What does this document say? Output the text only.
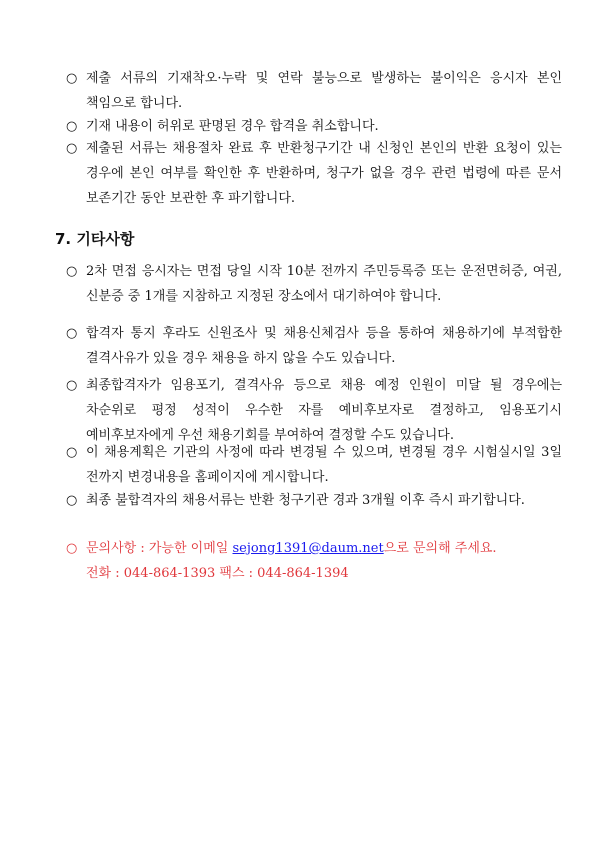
○ 제출 서류의 기재착오·누락 및 연락 불능으로 발생하는 불이익은 응시자 본인 책임으로 합니다.
○ 기재 내용이 허위로 판명된 경우 합격을 취소합니다.
○ 제출된 서류는 채용절차 완료 후 반환청구기간 내 신청인 본인의 반환 요청이 있는 경우에 본인 여부를 확인한 후 반환하며, 청구가 없을 경우 관련 법령에 따른 문서 보존기간 동안 보관한 후 파기합니다.
7. 기타사항
○ 2차 면접 응시자는 면접 당일 시작 10분 전까지 주민등록증 또는 운전면허증, 여권, 신분증 중 1개를 지참하고 지정된 장소에서 대기하여야 합니다.
○ 합격자 통지 후라도 신원조사 및 채용신체검사 등을 통하여 채용하기에 부적합한 결격사유가 있을 경우 채용을 하지 않을 수도 있습니다.
○ 최종합격자가 임용포기, 결격사유 등으로 채용 예정 인원이 미달 될 경우에는 차순위로 평정 성적이 우수한 자를 예비후보자로 결정하고, 임용포기시 예비후보자에게 우선 채용기회를 부여하여 결정할 수도 있습니다.
○ 이 채용계획은 기관의 사정에 따라 변경될 수 있으며, 변경될 경우 시험실시일 3일 전까지 변경내용을 홈페이지에 게시합니다.
○ 최종 불합격자의 채용서류는 반환 청구기관 경과 3개월 이후 즉시 파기합니다.
○ 문의사항 : 가능한 이메일 sejong1391@daum.net으로 문의해 주세요.
전화 : 044-864-1393 팩스 : 044-864-1394
